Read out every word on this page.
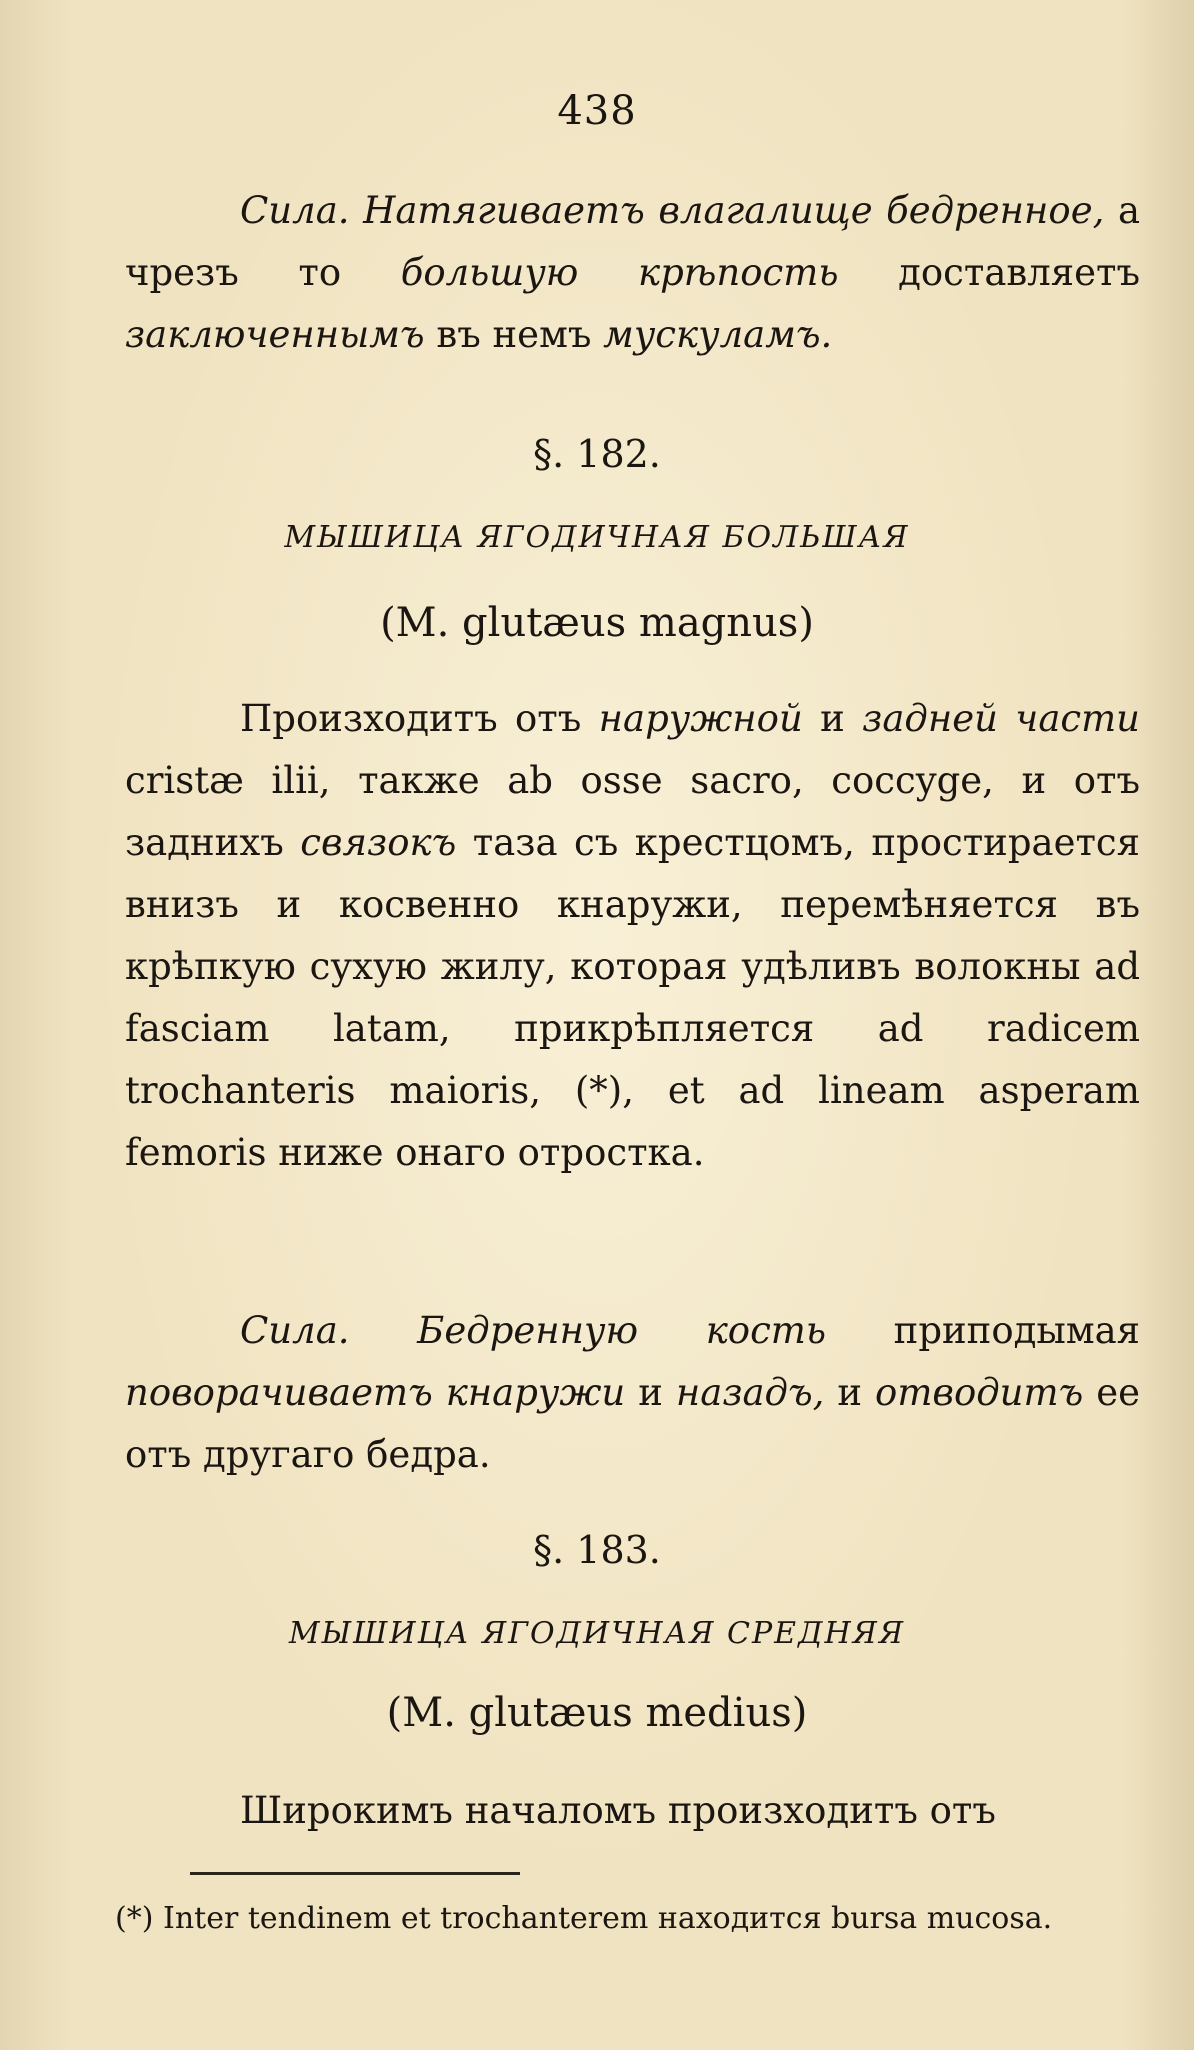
438

Сила. Натягиваетъ влагалище бедренное, а чрезъ то большую крѣпость доставляетъ заключеннымъ въ немъ мускуламъ.

§. 182.
МЫШИЦА ЯГОДИЧНАЯ БОЛЬШАЯ
(M. glutæus magnus)

Произходитъ отъ наружной и задней части cristæ ilii, также ab osse sacro, coccyge, и отъ заднихъ связокъ таза съ крестцомъ, простирается внизъ и косвенно кнаружи, перемѣняется въ крѣпкую сухую жилу, которая удѣливъ волокны ad fasciam latam, прикрѣпляется ad radicem trochanteris maioris, (*), et ad lineam asperam femoris ниже онаго отростка.

Сила. Бедренную кость приподымая поворачиваетъ кнаружи и назадъ, и отводитъ ее отъ другаго бедра.

§. 183.
МЫШИЦА ЯГОДИЧНАЯ СРЕДНЯЯ
(M. glutæus medius)

Широкимъ началомъ произходитъ отъ

(*) Inter tendinem et trochanterem находится bursa mucosa.
